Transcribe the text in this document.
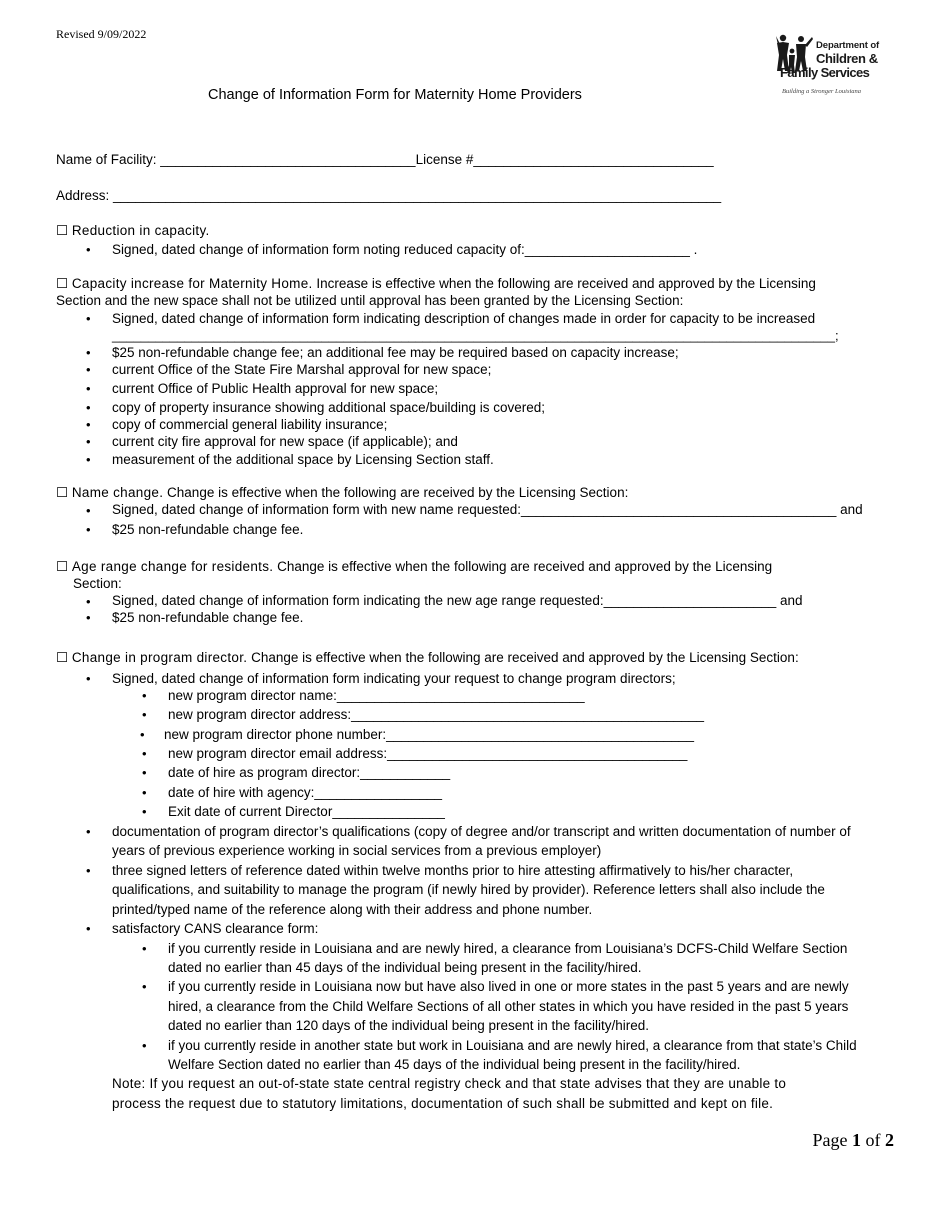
Revised 9/09/2022
Change of Information Form for Maternity Home Providers
Department of
Children &
Family Services
Building a Stronger Louisiana
Name of Facility: __________________________________License #________________________________
Address: _________________________________________________________________________________
☐ Reduction in capacity.
• Signed, dated change of information form noting reduced capacity of:______________________ .
☐ Capacity increase for Maternity Home. Increase is effective when the following are received and approved by the Licensing
Section and the new space shall not be utilized until approval has been granted by the Licensing Section:
• Signed, dated change of information form indicating description of changes made in order for capacity to be increased
____________________________________________________________________________________________________;
• $25 non-refundable change fee; an additional fee may be required based on capacity increase;
• current Office of the State Fire Marshal approval for new space;
• current Office of Public Health approval for new space;
• copy of property insurance showing additional space/building is covered;
• copy of commercial general liability insurance;
• current city fire approval for new space (if applicable); and
• measurement of the additional space by Licensing Section staff.
☐ Name change. Change is effective when the following are received by the Licensing Section:
• Signed, dated change of information form with new name requested:__________________________________________ and
• $25 non-refundable change fee.
☐ Age range change for residents. Change is effective when the following are received and approved by the Licensing
Section:
• Signed, dated change of information form indicating the new age range requested:_______________________ and
• $25 non-refundable change fee.
☐ Change in program director. Change is effective when the following are received and approved by the Licensing Section:
• Signed, dated change of information form indicating your request to change program directors;
• new program director name:_________________________________
• new program director address:_______________________________________________
• new program director phone number:_________________________________________
• new program director email address:________________________________________
• date of hire as program director:____________
• date of hire with agency:_________________
• Exit date of current Director_______________
• documentation of program director’s qualifications (copy of degree and/or transcript and written documentation of number of
years of previous experience working in social services from a previous employer)
• three signed letters of reference dated within twelve months prior to hire attesting affirmatively to his/her character,
qualifications, and suitability to manage the program (if newly hired by provider). Reference letters shall also include the
printed/typed name of the reference along with their address and phone number.
• satisfactory CANS clearance form:
• if you currently reside in Louisiana and are newly hired, a clearance from Louisiana’s DCFS-Child Welfare Section
dated no earlier than 45 days of the individual being present in the facility/hired.
• if you currently reside in Louisiana now but have also lived in one or more states in the past 5 years and are newly
hired, a clearance from the Child Welfare Sections of all other states in which you have resided in the past 5 years
dated no earlier than 120 days of the individual being present in the facility/hired.
• if you currently reside in another state but work in Louisiana and are newly hired, a clearance from that state’s Child
Welfare Section dated no earlier than 45 days of the individual being present in the facility/hired.
Note: If you request an out-of-state state central registry check and that state advises that they are unable to
process the request due to statutory limitations, documentation of such shall be submitted and kept on file.
Page 1 of 2
